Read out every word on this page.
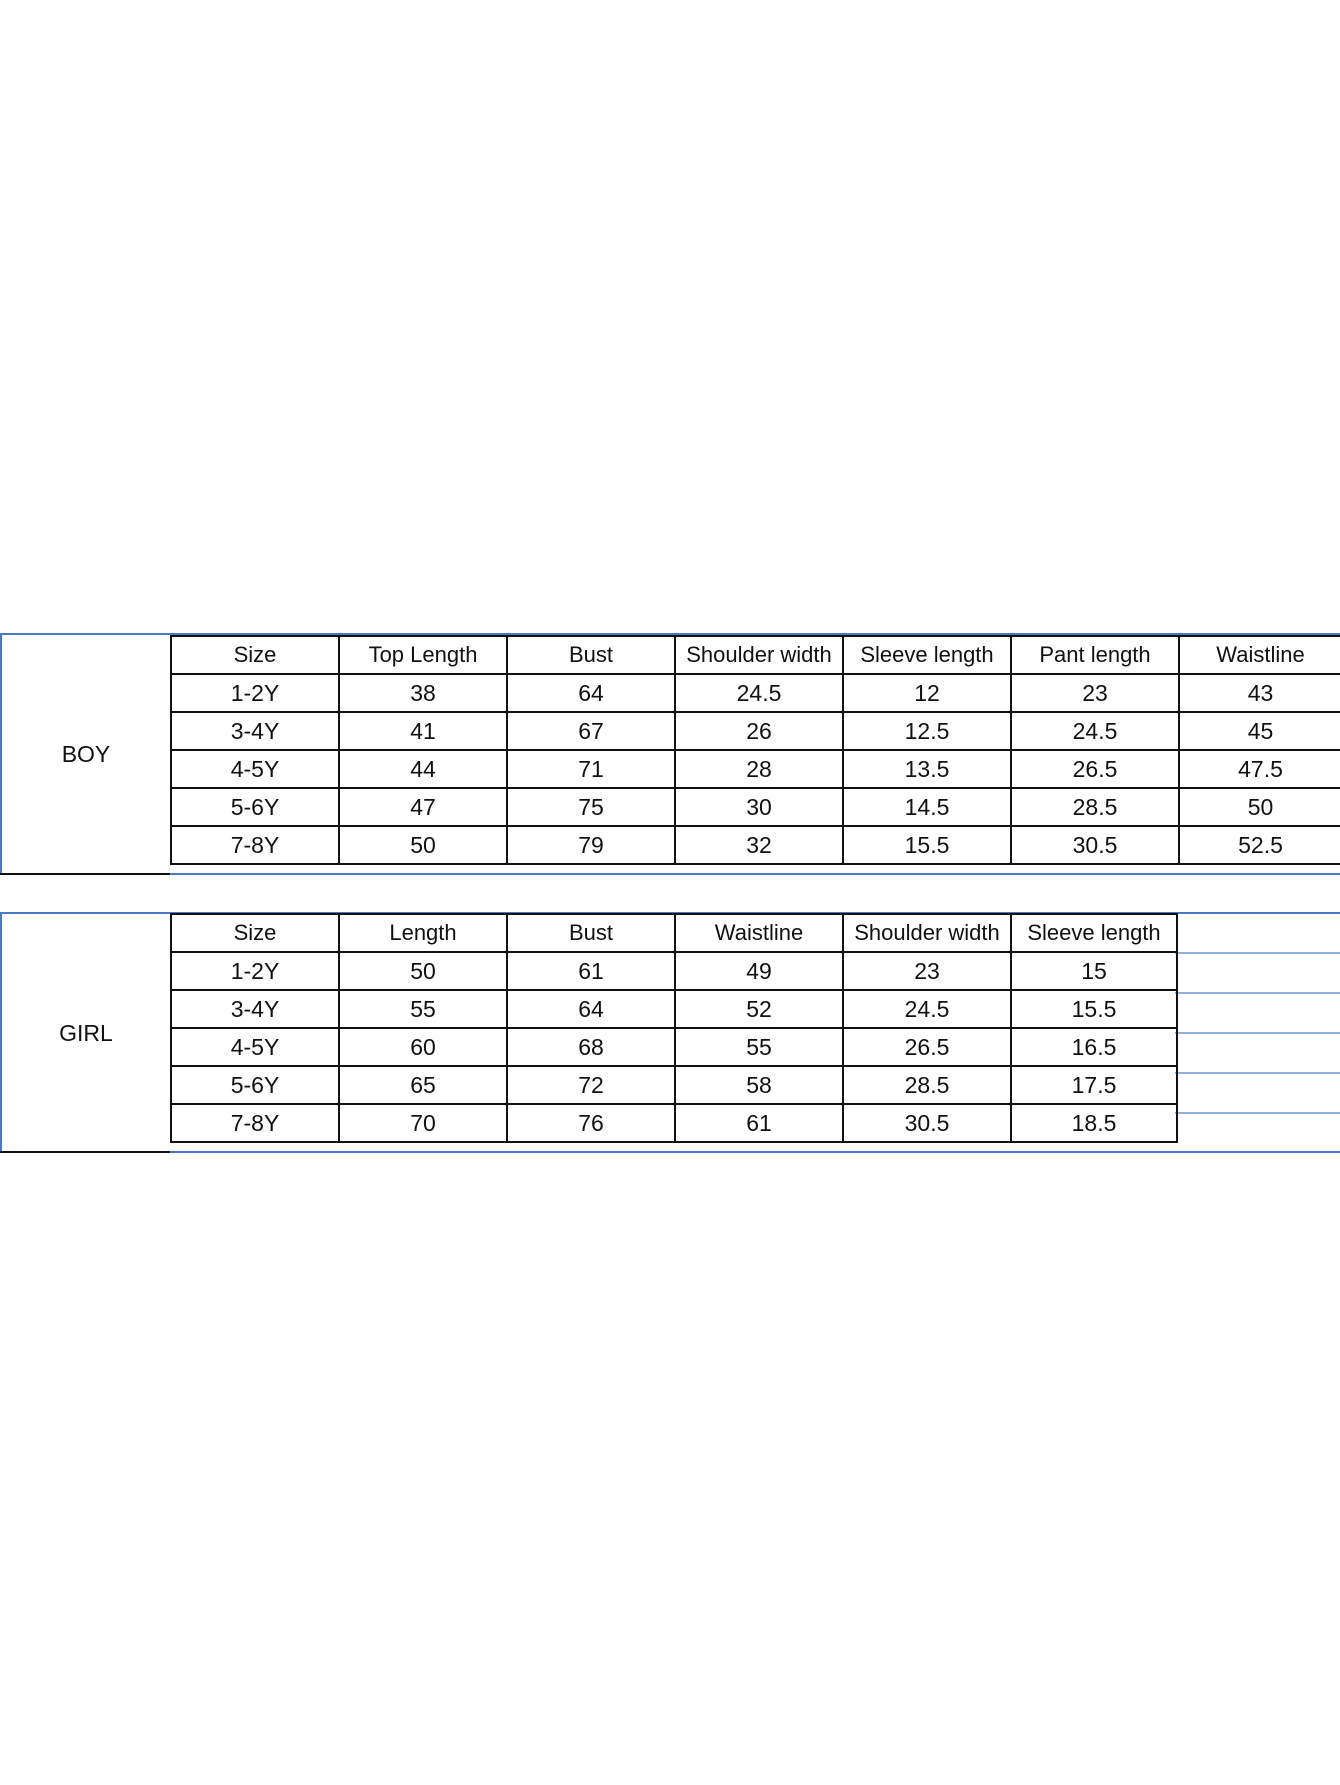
BOY
Size	Top Length	Bust	Shoulder width	Sleeve length	Pant length	Waistline
1-2Y	38	64	24.5	12	23	43
3-4Y	41	67	26	12.5	24.5	45
4-5Y	44	71	28	13.5	26.5	47.5
5-6Y	47	75	30	14.5	28.5	50
7-8Y	50	79	32	15.5	30.5	52.5
GIRL
Size	Length	Bust	Waistline	Shoulder width	Sleeve length
1-2Y	50	61	49	23	15
3-4Y	55	64	52	24.5	15.5
4-5Y	60	68	55	26.5	16.5
5-6Y	65	72	58	28.5	17.5
7-8Y	70	76	61	30.5	18.5
